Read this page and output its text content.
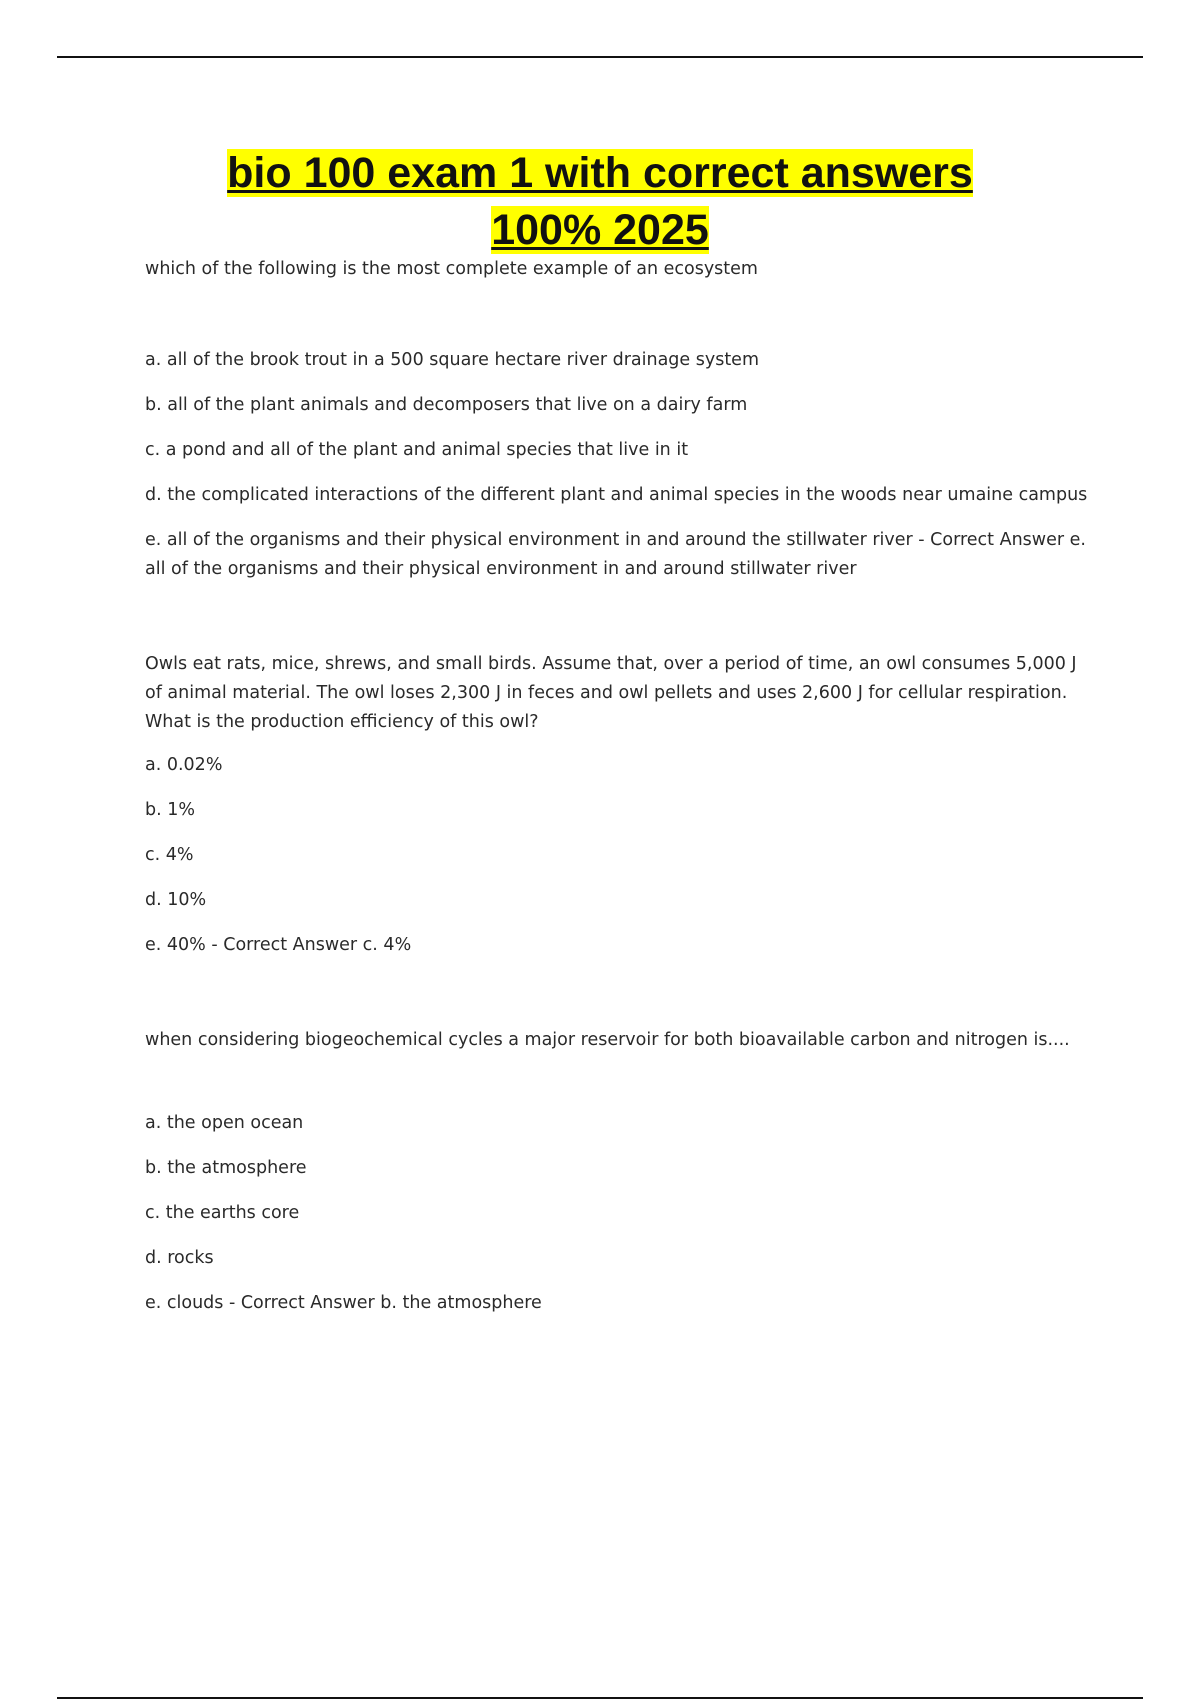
bio 100 exam 1 with correct answers 100% 2025

which of the following is the most complete example of an ecosystem

a. all of the brook trout in a 500 square hectare river drainage system

b. all of the plant animals and decomposers that live on a dairy farm

c. a pond and all of the plant and animal species that live in it

d. the complicated interactions of the different plant and animal species in the woods near umaine campus

e. all of the organisms and their physical environment in and around the stillwater river - Correct Answer e. all of the organisms and their physical environment in and around stillwater river

Owls eat rats, mice, shrews, and small birds. Assume that, over a period of time, an owl consumes 5,000 J of animal material. The owl loses 2,300 J in feces and owl pellets and uses 2,600 J for cellular respiration. What is the production efficiency of this owl?

a. 0.02%

b. 1%

c. 4%

d. 10%

e. 40% - Correct Answer c. 4%

when considering biogeochemical cycles a major reservoir for both bioavailable carbon and nitrogen is....

a. the open ocean

b. the atmosphere

c. the earths core

d. rocks

e. clouds - Correct Answer b. the atmosphere
